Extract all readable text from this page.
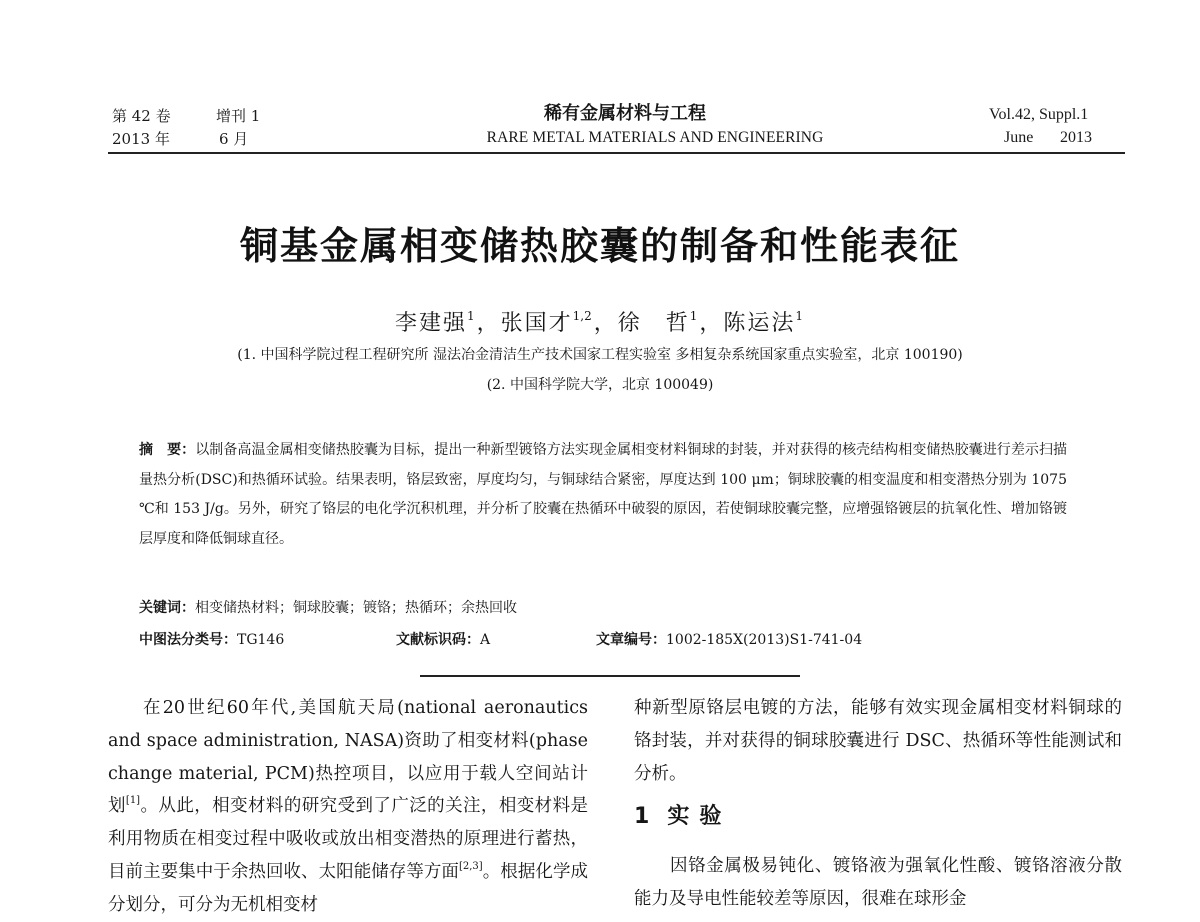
第 42 卷	增刊 1
2013 年	6 月
稀有金属材料与工程
RARE METAL MATERIALS AND ENGINEERING
Vol.42, Suppl.1
June 2013
铜基金属相变储热胶囊的制备和性能表征
李建强$^1$，张国才$^{1,2}$，徐　哲$^1$，陈运法$^1$
(1. 中国科学院过程工程研究所 湿法冶金清洁生产技术国家工程实验室 多相复杂系统国家重点实验室，北京 100190)
(2. 中国科学院大学，北京 100049)
摘　要：以制备高温金属相变储热胶囊为目标，提出一种新型镀铬方法实现金属相变材料铜球的封装，并对获得的核壳结构相变储热胶囊进行差示扫描量热分析(DSC)和热循环试验。结果表明，铬层致密，厚度均匀，与铜球结合紧密，厚度达到 100 μm；铜球胶囊的相变温度和相变潜热分别为 1075 ℃和 153 J/g。另外，研究了铬层的电化学沉积机理，并分析了胶囊在热循环中破裂的原因，若使铜球胶囊完整，应增强铬镀层的抗氧化性、增加铬镀层厚度和降低铜球直径。
关键词：相变储热材料；铜球胶囊；镀铬；热循环；余热回收
中图法分类号：TG146	文献标识码：A	文章编号：1002-185X(2013)S1-741-04

在20世纪60年代,美国航天局(national aeronautics and space administration, NASA)资助了相变材料(phase change material, PCM)热控项目，以应用于载人空间站计划[1]。从此，相变材料的研究受到了广泛的关注，相变材料是利用物质在相变过程中吸收或放出相变潜热的原理进行蓄热，目前主要集中于余热回收、太阳能储存等方面[2,3]。根据化学成分划分，可分为无机相变材

种新型原铬层电镀的方法，能够有效实现金属相变材料铜球的铬封装，并对获得的铜球胶囊进行 DSC、热循环等性能测试和分析。

1 实验

因铬金属极易钝化、镀铬液为强氧化性酸、镀铬溶液分散能力及导电性能较差等原因，很难在球形金
